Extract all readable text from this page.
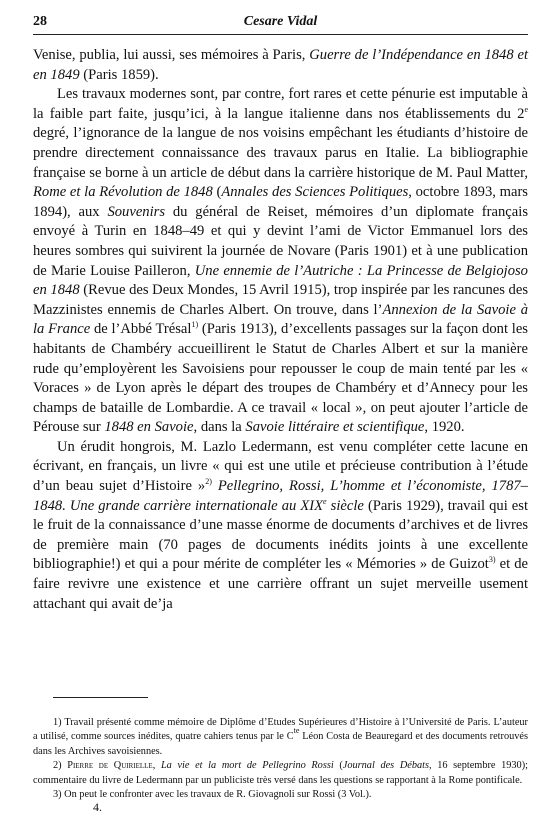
28	Cesare Vidal

Venise, publia, lui aussi, ses mémoires à Paris, Guerre de l’Indépendance en 1848 et en 1849 (Paris 1859).

Les travaux modernes sont, par contre, fort rares et cette pénurie est imputable à la faible part faite, jusqu’ici, à la langue italienne dans nos établissements du 2e degré, l’ignorance de la langue de nos voisins empêchant les étudiants d’histoire de prendre directement connaissance des travaux parus en Italie. La bibliographie française se borne à un article de début dans la carrière historique de M. Paul Matter, Rome et la Révolution de 1848 (Annales des Sciences Politiques, octobre 1893, mars 1894), aux Souvenirs du général de Reiset, mémoires d’un diplomate français envoyé à Turin en 1848–49 et qui y devint l’ami de Victor Emmanuel lors des heures sombres qui suivirent la journée de Novare (Paris 1901) et à une publication de Marie Louise Pailleron, Une ennemie de l’Autriche : La Princesse de Belgiojoso en 1848 (Revue des Deux Mondes, 15 Avril 1915), trop inspirée par les rancunes des Mazzinistes ennemis de Charles Albert. On trouve, dans l’Annexion de la Savoie à la France de l’Abbé Trésal$^{1)}$ (Paris 1913), d’excellents passages sur la façon dont les habitants de Chambéry accueillirent le Statut de Charles Albert et sur la manière rude qu’employèrent les Savoisiens pour repousser le coup de main tenté par les « Voraces » de Lyon après le départ des troupes de Chambéry et d’Annecy pour les champs de bataille de Lombardie. A ce travail « local », on peut ajouter l’article de Pérouse sur 1848 en Savoie, dans la Savoie littéraire et scientifique, 1920.

Un érudit hongrois, M. Lazlo Ledermann, est venu compléter cette lacune en écrivant, en français, un livre « qui est une utile et précieuse contribution à l’étude d’un beau sujet d’Histoire »$^{2)}$ Pellegrino, Rossi, L’homme et l’économiste, 1787–1848. Une grande carrière internationale au XIXe siècle (Paris 1929), travail qui est le fruit de la connaissance d’une masse énorme de documents d’archives et de livres de première main (70 pages de documents inédits joints à une excellente bibliographie!) et qui a pour mérite de compléter les « Mémories » de Guizot$^{3)}$ et de faire revivre une existence et une carrière offrant un sujet merveille usement attachant qui avait de’ja

1) Travail présenté comme mémoire de Diplôme d’Etudes Supérieures d’Histoire à l’Université de Paris. L’auteur a utilisé, comme sources inédites, quatre cahiers tenus par le $C^{te}$ Léon Costa de Beauregard et des documents retrouvés dans les Archives savoisiennes.

2) Pierre de Quirielle, La vie et la mort de Pellegrino Rossi (Journal des Débats, 16 septembre 1930); commentaire du livre de Ledermann par un publiciste très versé dans les questions se rapportant à la Rome pontificale.

3) On peut le confronter avec les travaux de R. Giovagnoli sur Rossi (3 Vol.).

4.
